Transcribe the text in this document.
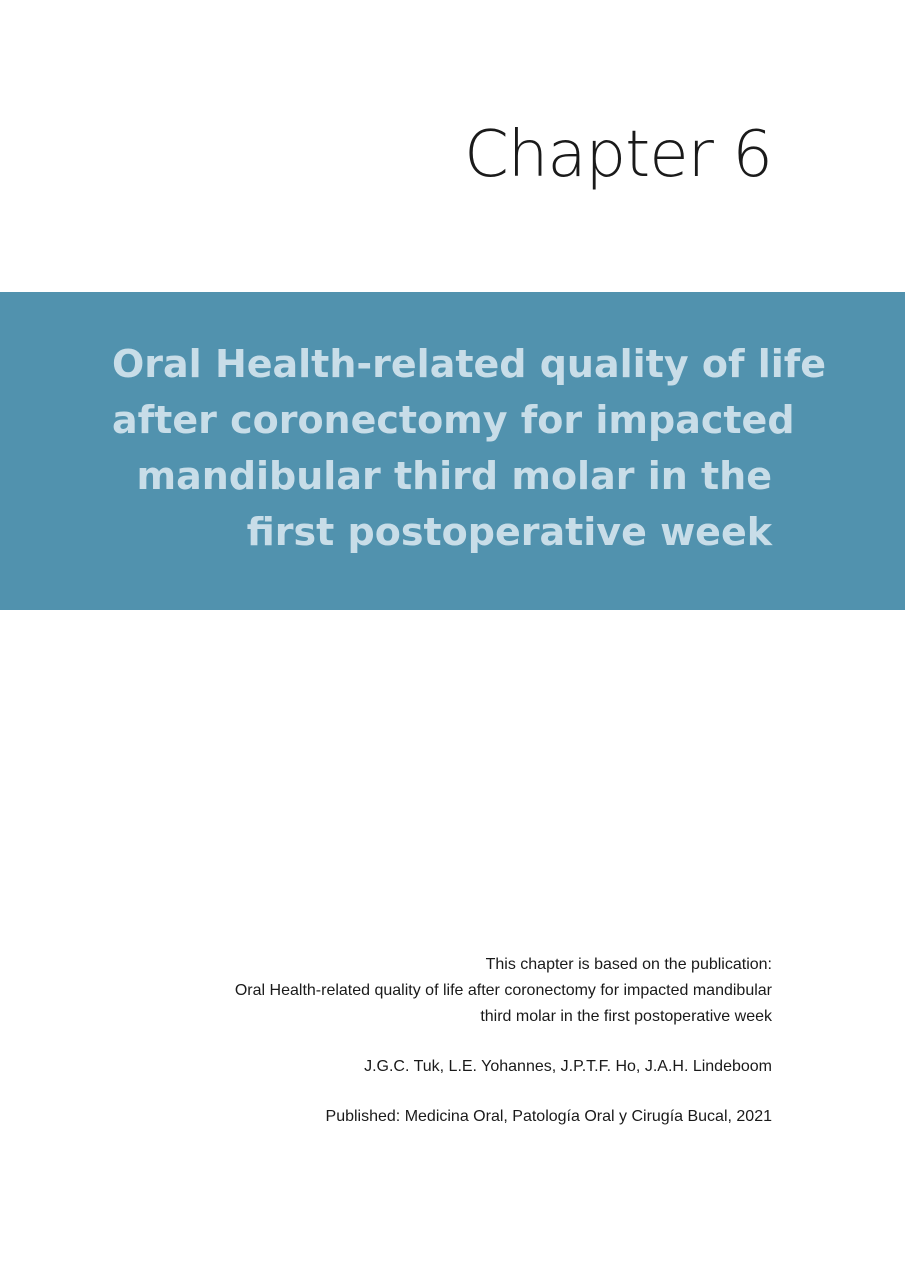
Chapter 6
Oral Health-related quality of life
after coronectomy for impacted
mandibular third molar in the
first postoperative week
This chapter is based on the publication:
Oral Health-related quality of life after coronectomy for impacted mandibular
third molar in the first postoperative week
J.G.C. Tuk, L.E. Yohannes, J.P.T.F. Ho, J.A.H. Lindeboom
Published: Medicina Oral, Patología Oral y Cirugía Bucal, 2021
